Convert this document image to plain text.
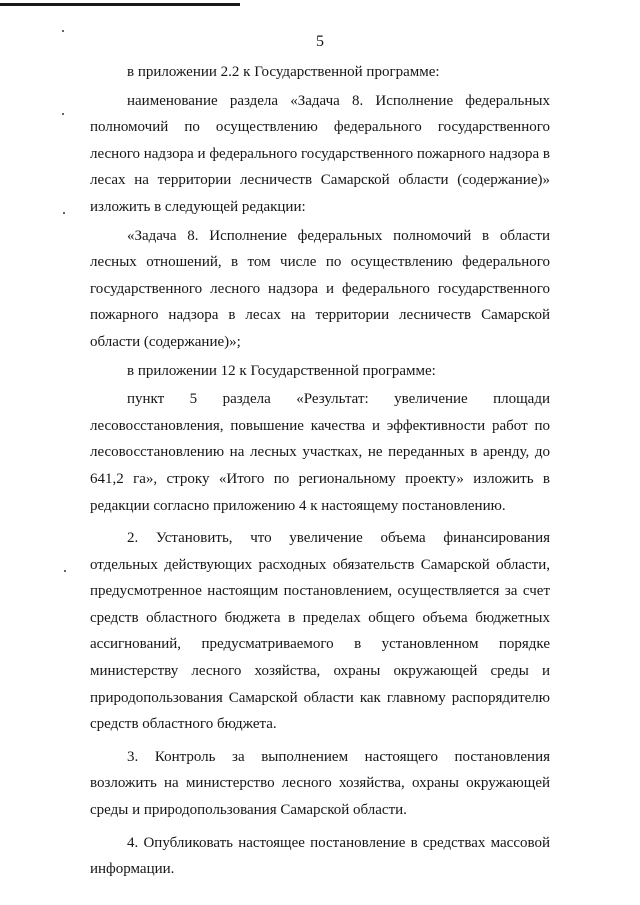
5

в приложении 2.2 к Государственной программе:

наименование раздела «Задача 8. Исполнение федеральных полномочий по осуществлению федерального государственного лесного надзора и федерального государственного пожарного надзора в лесах на территории лесничеств Самарской области (содержание)» изложить в следующей редакции:

«Задача 8. Исполнение федеральных полномочий в области лесных отношений, в том числе по осуществлению федерального государственного лесного надзора и федерального государственного пожарного надзора в лесах на территории лесничеств Самарской области (содержание)»;

в приложении 12 к Государственной программе:

пункт 5 раздела «Результат: увеличение площади лесовосстановления, повышение качества и эффективности работ по лесовосстановлению на лесных участках, не переданных в аренду, до 641,2 га», строку «Итого по региональному проекту» изложить в редакции согласно приложению 4 к настоящему постановлению.

2. Установить, что увеличение объема финансирования отдельных действующих расходных обязательств Самарской области, предусмотренное настоящим постановлением, осуществляется за счет средств областного бюджета в пределах общего объема бюджетных ассигнований, предусматриваемого в установленном порядке министерству лесного хозяйства, охраны окружающей среды и природопользования Самарской области как главному распорядителю средств областного бюджета.

3. Контроль за выполнением настоящего постановления возложить на министерство лесного хозяйства, охраны окружающей среды и природопользования Самарской области.

4. Опубликовать настоящее постановление в средствах массовой информации.
